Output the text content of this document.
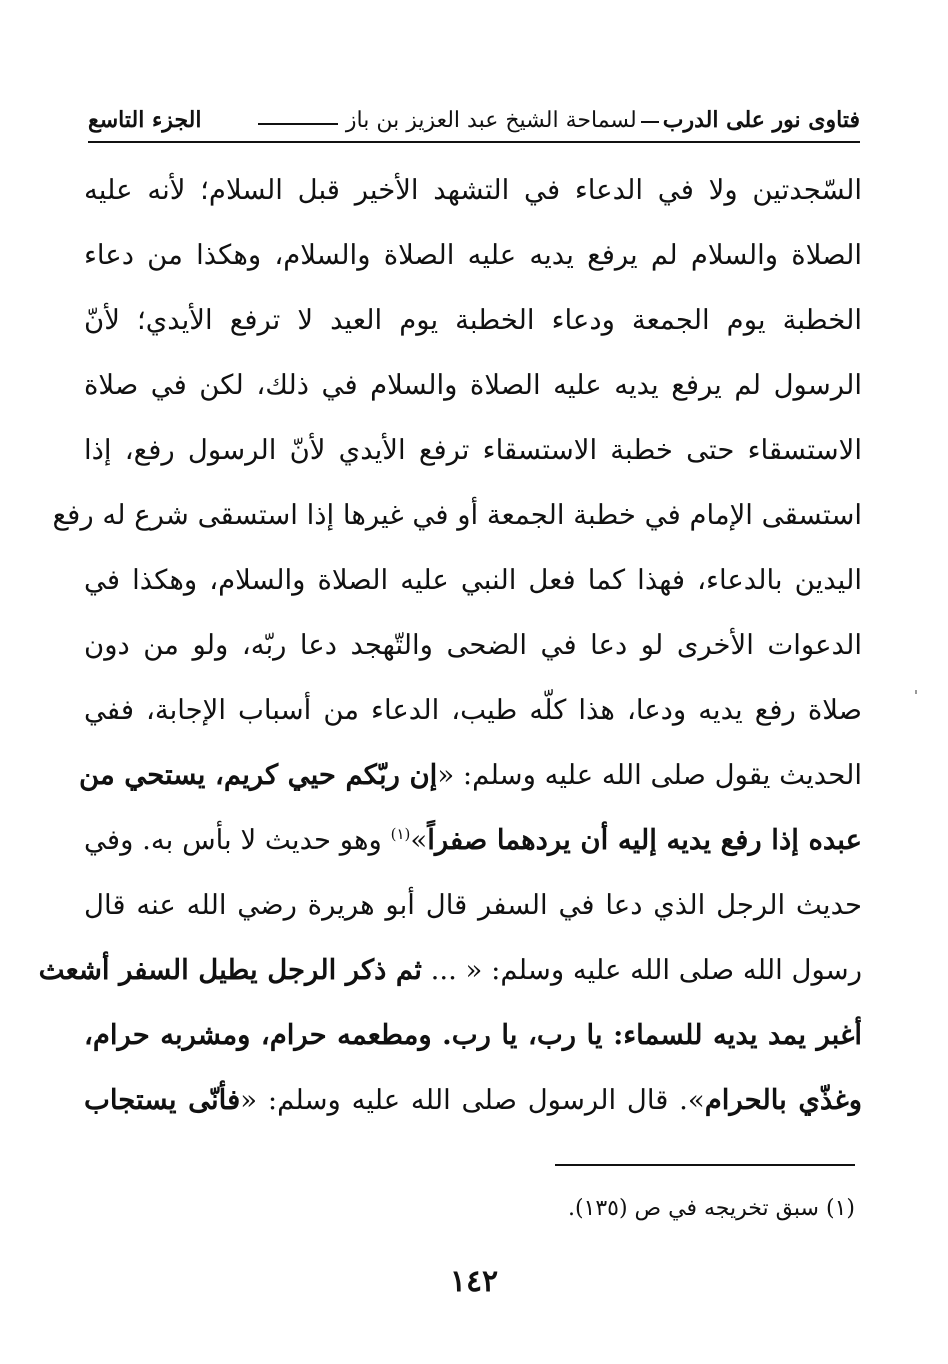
فتاوى نور على الدرب
لسماحة الشيخ عبد العزيز بن باز
الجزء التاسع
السّجدتين ولا في الدعاء في التشهد الأخير قبل السلام؛ لأنه عليه
الصلاة والسلام لم يرفع يديه عليه الصلاة والسلام، وهكذا من دعاء
الخطبة يوم الجمعة ودعاء الخطبة يوم العيد لا ترفع الأيدي؛ لأنّ
الرسول لم يرفع يديه عليه الصلاة والسلام في ذلك، لكن في صلاة
الاستسقاء حتى خطبة الاستسقاء ترفع الأيدي لأنّ الرسول رفع، إذا
استسقى الإمام في خطبة الجمعة أو في غيرها إذا استسقى شرع له رفع
اليدين بالدعاء، فهذا كما فعل النبي عليه الصلاة والسلام، وهكذا في
الدعوات الأخرى لو دعا في الضحى والتّهجد دعا ربّه، ولو من دون
صلاة رفع يديه ودعا، هذا كلّه طيب، الدعاء من أسباب الإجابة، ففي
الحديث يقول صلى الله عليه وسلم: «إن ربّكم حيي كريم، يستحي من
عبده إذا رفع يديه إليه أن يردهما صفراً»$^{(١)}$ وهو حديث لا بأس به. وفي
حديث الرجل الذي دعا في السفر قال أبو هريرة رضي الله عنه قال
رسول الله صلى الله عليه وسلم: « ... ثم ذكر الرجل يطيل السفر أشعث
أغبر يمد يديه للسماء: يا رب، يا رب. ومطعمه حرام، ومشربه حرام،
وغذّي بالحرام». قال الرسول صلى الله عليه وسلم: «فأنّى يستجاب
(١) سبق تخريجه في ص (١٣٥).
١٤٢
